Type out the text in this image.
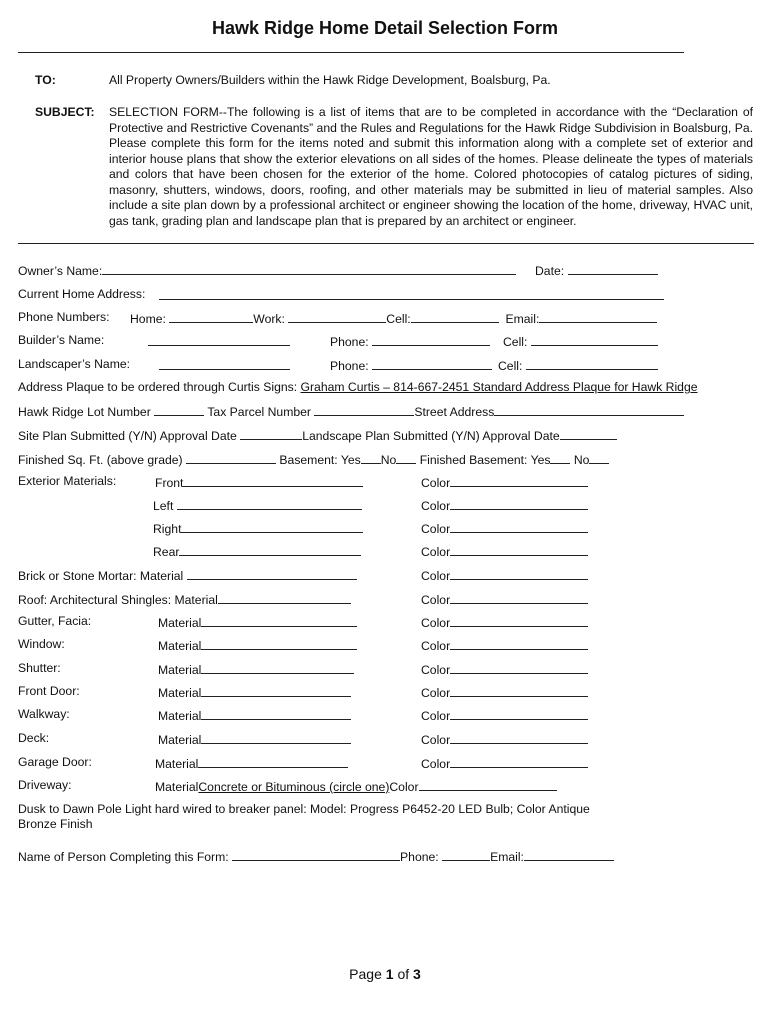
Hawk Ridge Home Detail Selection Form
TO:	All Property Owners/Builders within the Hawk Ridge Development, Boalsburg, Pa.
SUBJECT: SELECTION FORM--The following is a list of items that are to be completed in accordance with the “Declaration of Protective and Restrictive Covenants” and the Rules and Regulations for the Hawk Ridge Subdivision in Boalsburg, Pa. Please complete this form for the items noted and submit this information along with a complete set of exterior and interior house plans that show the exterior elevations on all sides of the homes. Please delineate the types of materials and colors that have been chosen for the exterior of the home. Colored photocopies of catalog pictures of siding, masonry, shutters, windows, doors, roofing, and other materials may be submitted in lieu of material samples. Also include a site plan down by a professional architect or engineer showing the location of the home, driveway, HVAC unit, gas tank, grading plan and landscape plan that is prepared by an architect or engineer.
Owner’s Name:	Date:
Current Home Address:
Phone Numbers: Home:	Work:	Cell:	Email:
Builder’s Name:	Phone:	Cell:
Landscaper’s Name:	Phone:	Cell:
Address Plaque to be ordered through Curtis Signs: Graham Curtis – 814-667-2451 Standard Address Plaque for Hawk Ridge
Hawk Ridge Lot Number	Tax Parcel Number	Street Address
Site Plan Submitted (Y/N) Approval Date	Landscape Plan Submitted (Y/N) Approval Date
Finished Sq. Ft. (above grade)	Basement: Yes No Finished Basement: Yes No
Exterior Materials:	Front	Color
Left	Color
Right	Color
Rear	Color
Brick or Stone Mortar: Material	Color
Roof: Architectural Shingles: Material	Color
Gutter, Facia:	Material	Color
Window:	Material	Color
Shutter:	Material	Color
Front Door:	Material	Color
Walkway:	Material	Color
Deck:	Material	Color
Garage Door:	Material	Color
Driveway:	MaterialConcrete or Bituminous (circle one)Color
Dusk to Dawn Pole Light hard wired to breaker panel: Model: Progress P6452-20 LED Bulb; Color Antique
Bronze Finish
Name of Person Completing this Form:	Phone:	Email:
Page 1 of 3
